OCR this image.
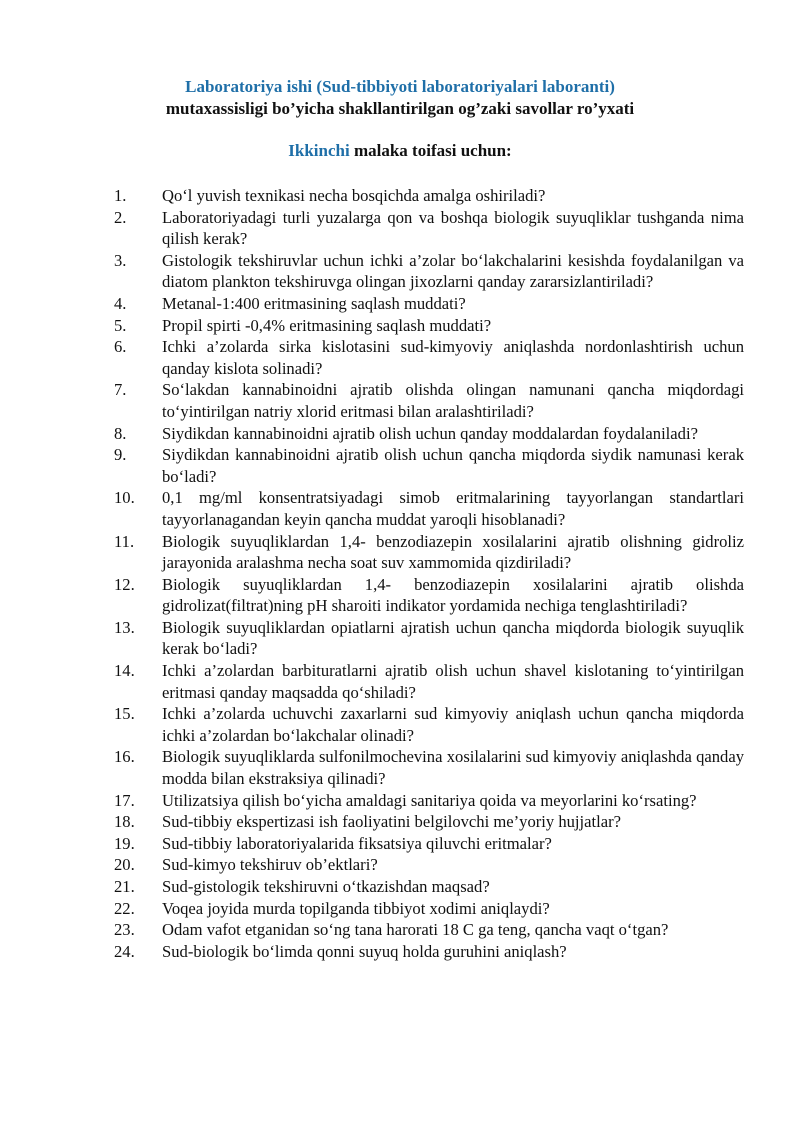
Laboratoriya ishi (Sud-tibbiyoti laboratoriyalari laboranti)
mutaxassisligi bo’yicha shakllantirilgan og’zaki savollar ro’yxati
Ikkinchi malaka toifasi uchun:
1.	Qo‘l yuvish texnikasi necha bosqichda amalga oshiriladi?
2.	Laboratoriyadagi turli yuzalarga qon va boshqa biologik suyuqliklar tushganda nima qilish kerak?
3.	Gistologik tekshiruvlar uchun ichki a’zolar bo‘lakchalarini kesishda foydalanilgan va diatom plankton tekshiruvga olingan jixozlarni qanday zararsizlantiriladi?
4.	Metanal-1:400 eritmasining saqlash muddati?
5.	Propil spirti -0,4% eritmasining saqlash muddati?
6.	Ichki a’zolarda sirka kislotasini sud-kimyoviy aniqlashda nordonlashtirish uchun qanday kislota solinadi?
7.	So‘lakdan kannabinoidni ajratib olishda olingan namunani qancha miqdordagi to‘yintirilgan natriy xlorid eritmasi bilan aralashtiriladi?
8.	Siydikdan kannabinoidni ajratib olish uchun qanday moddalardan foydalaniladi?
9.	Siydikdan kannabinoidni ajratib olish uchun qancha miqdorda siydik namunasi kerak bo‘ladi?
10.	0,1 mg/ml konsentratsiyadagi simob eritmalarining tayyorlangan standartlari tayyorlanagandan keyin qancha muddat yaroqli hisoblanadi?
11.	Biologik suyuqliklardan 1,4- benzodiazepin xosilalarini ajratib olishning gidroliz jarayonida aralashma necha soat suv xammomida qizdiriladi?
12.	Biologik suyuqliklardan 1,4- benzodiazepin xosilalarini ajratib olishda gidrolizat(filtrat)ning pH sharoiti indikator yordamida nechiga tenglashtiriladi?
13.	Biologik suyuqliklardan opiatlarni ajratish uchun qancha miqdorda biologik suyuqlik kerak bo‘ladi?
14.	Ichki a’zolardan barbituratlarni ajratib olish uchun shavel kislotaning to‘yintirilgan eritmasi qanday maqsadda qo‘shiladi?
15.	Ichki a’zolarda uchuvchi zaxarlarni sud kimyoviy aniqlash uchun qancha miqdorda ichki a’zolardan bo‘lakchalar olinadi?
16.	Biologik suyuqliklarda sulfonilmochevina xosilalarini sud kimyoviy aniqlashda qanday modda bilan ekstraksiya qilinadi?
17.	Utilizatsiya qilish bo‘yicha amaldagi sanitariya qoida va meyorlarini ko‘rsating?
18.	Sud-tibbiy ekspertizasi ish faoliyatini belgilovchi me’yoriy hujjatlar?
19.	Sud-tibbiy laboratoriyalarida fiksatsiya qiluvchi eritmalar?
20.	Sud-kimyo tekshiruv ob’ektlari?
21.	Sud-gistologik tekshiruvni o‘tkazishdan maqsad?
22.	Voqea joyida murda topilganda tibbiyot xodimi aniqlaydi?
23.	Odam vafot etganidan so‘ng tana harorati 18 C ga teng, qancha vaqt o‘tgan?
24.	Sud-biologik bo‘limda qonni suyuq holda guruhini aniqlash?
